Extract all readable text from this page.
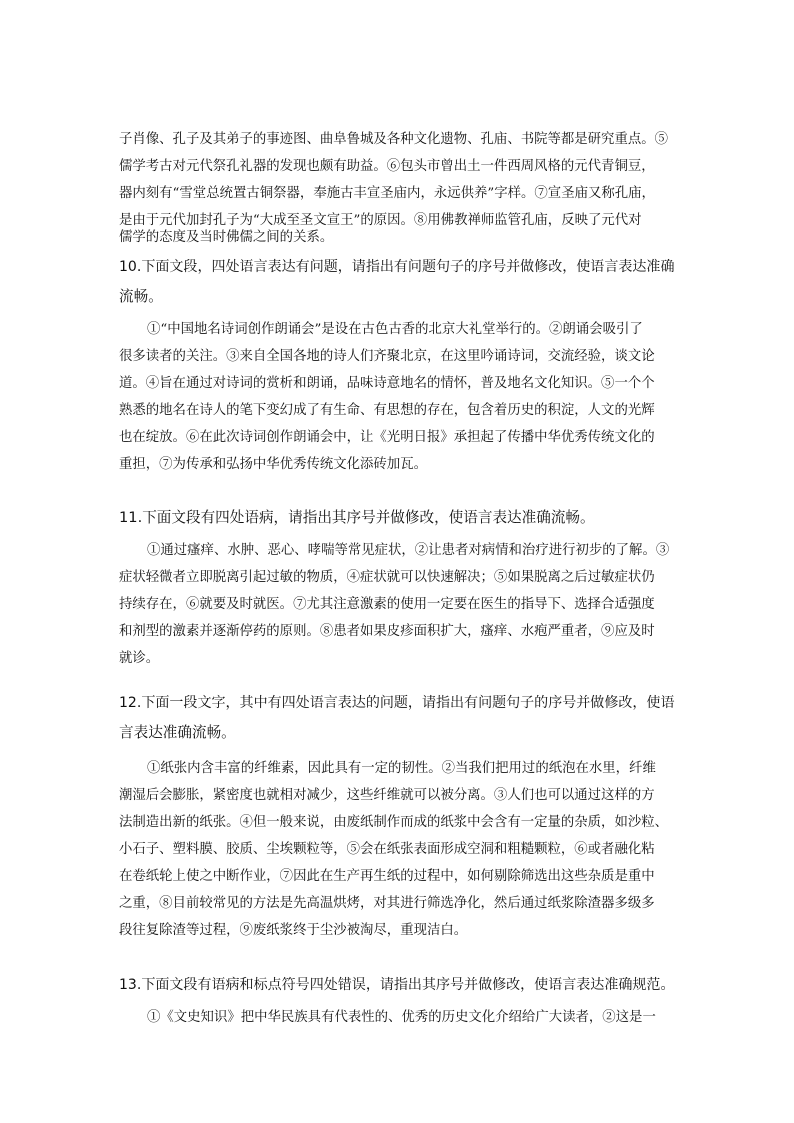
子肖像、孔子及其弟子的事迹图、曲阜鲁城及各种文化遗物、孔庙、书院等都是研究重点。⑤
儒学考古对元代祭孔礼器的发现也颇有助益。⑥包头市曾出土一件西周风格的元代青铜豆，
器内刻有“雪堂总统置古铜祭器，奉施古丰宣圣庙内，永远供养”字样。⑦宣圣庙又称孔庙，
是由于元代加封孔子为“大成至圣文宣王”的原因。⑧用佛教禅师监管孔庙，反映了元代对
儒学的态度及当时佛儒之间的关系。
10.下面文段，四处语言表达有问题，请指出有问题句子的序号并做修改，使语言表达准确
流畅。
①“中国地名诗词创作朗诵会”是设在古色古香的北京大礼堂举行的。②朗诵会吸引了
很多读者的关注。③来自全国各地的诗人们齐聚北京，在这里吟诵诗词，交流经验，谈文论
道。④旨在通过对诗词的赏析和朗诵，品味诗意地名的情怀，普及地名文化知识。⑤一个个
熟悉的地名在诗人的笔下变幻成了有生命、有思想的存在，包含着历史的积淀，人文的光辉
也在绽放。⑥在此次诗词创作朗诵会中，让《光明日报》承担起了传播中华优秀传统文化的
重担，⑦为传承和弘扬中华优秀传统文化添砖加瓦。
11.下面文段有四处语病，请指出其序号并做修改，使语言表达准确流畅。
①通过瘙痒、水肿、恶心、哮喘等常见症状，②让患者对病情和治疗进行初步的了解。③
症状轻微者立即脱离引起过敏的物质，④症状就可以快速解决；⑤如果脱离之后过敏症状仍
持续存在，⑥就要及时就医。⑦尤其注意激素的使用一定要在医生的指导下、选择合适强度
和剂型的激素并逐渐停药的原则。⑧患者如果皮疹面积扩大，瘙痒、水疱严重者，⑨应及时
就诊。
12.下面一段文字，其中有四处语言表达的问题，请指出有问题句子的序号并做修改，使语
言表达准确流畅。
①纸张内含丰富的纤维素，因此具有一定的韧性。②当我们把用过的纸泡在水里，纤维
潮湿后会膨胀，紧密度也就相对减少，这些纤维就可以被分离。③人们也可以通过这样的方
法制造出新的纸张。④但一般来说，由废纸制作而成的纸浆中会含有一定量的杂质，如沙粒、
小石子、塑料膜、胶质、尘埃颗粒等，⑤会在纸张表面形成空洞和粗糙颗粒，⑥或者融化粘
在卷纸轮上使之中断作业，⑦因此在生产再生纸的过程中，如何剔除筛选出这些杂质是重中
之重，⑧目前较常见的方法是先高温烘烤，对其进行筛选净化，然后通过纸浆除渣器多级多
段往复除渣等过程，⑨废纸浆终于尘沙被淘尽，重现洁白。
13.下面文段有语病和标点符号四处错误，请指出其序号并做修改，使语言表达准确规范。
①《文史知识》把中华民族具有代表性的、优秀的历史文化介绍给广大读者，②这是一
